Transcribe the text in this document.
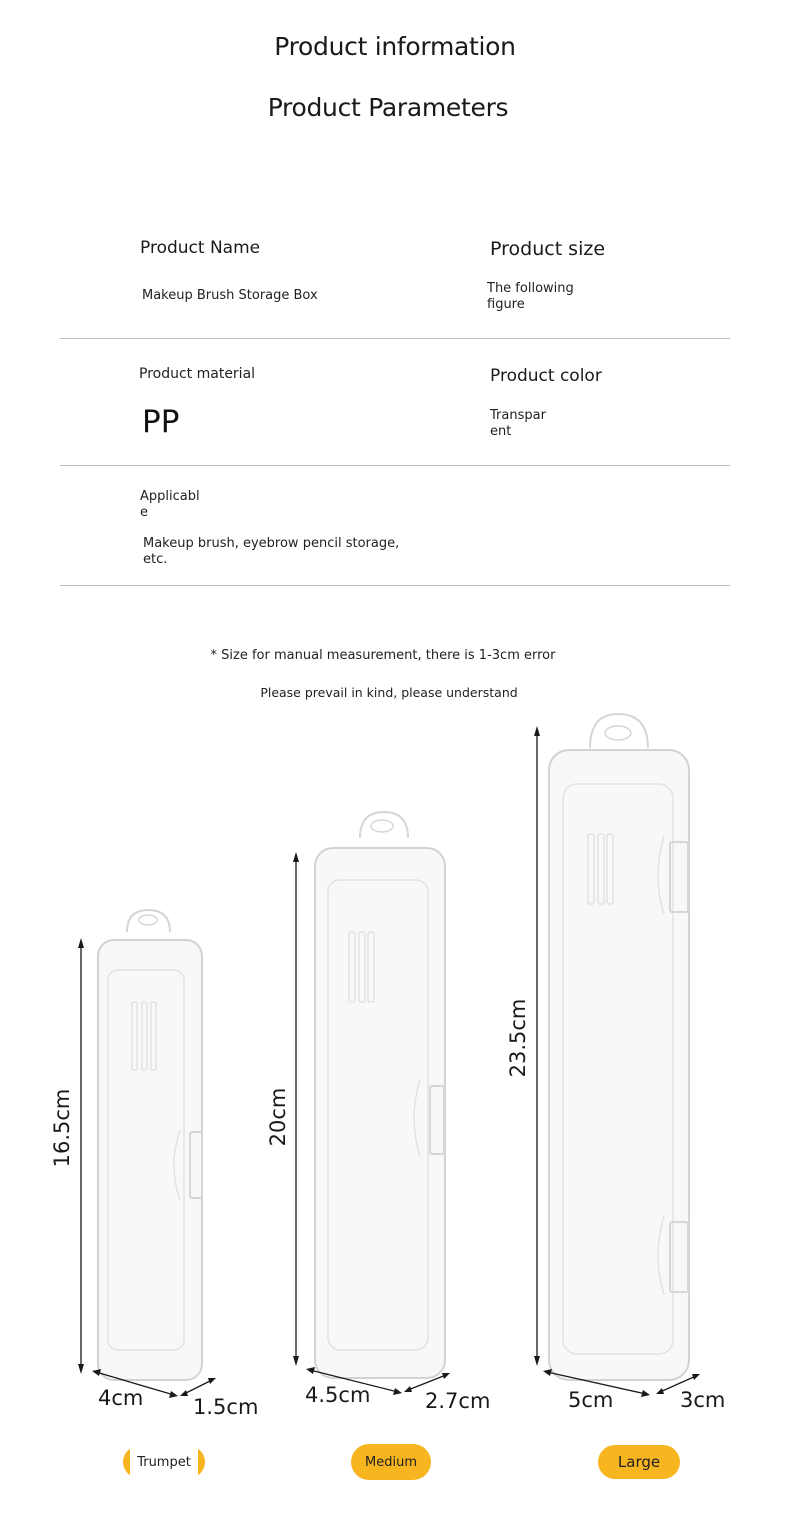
Product information
Product Parameters
Product Name
Makeup Brush Storage Box
Product size
The following
figure
Product material
PP
Product color
Transpar
ent
Applicabl
e
Makeup brush, eyebrow pencil storage,
etc.
* Size for manual measurement, there is 1-3cm error
Please prevail in kind, please understand
16.5cm	20cm
23.5cm
4cm 1.5cm 4.5cm	2.7cm	5cm	3cm
Trumpet	Medium	Large
